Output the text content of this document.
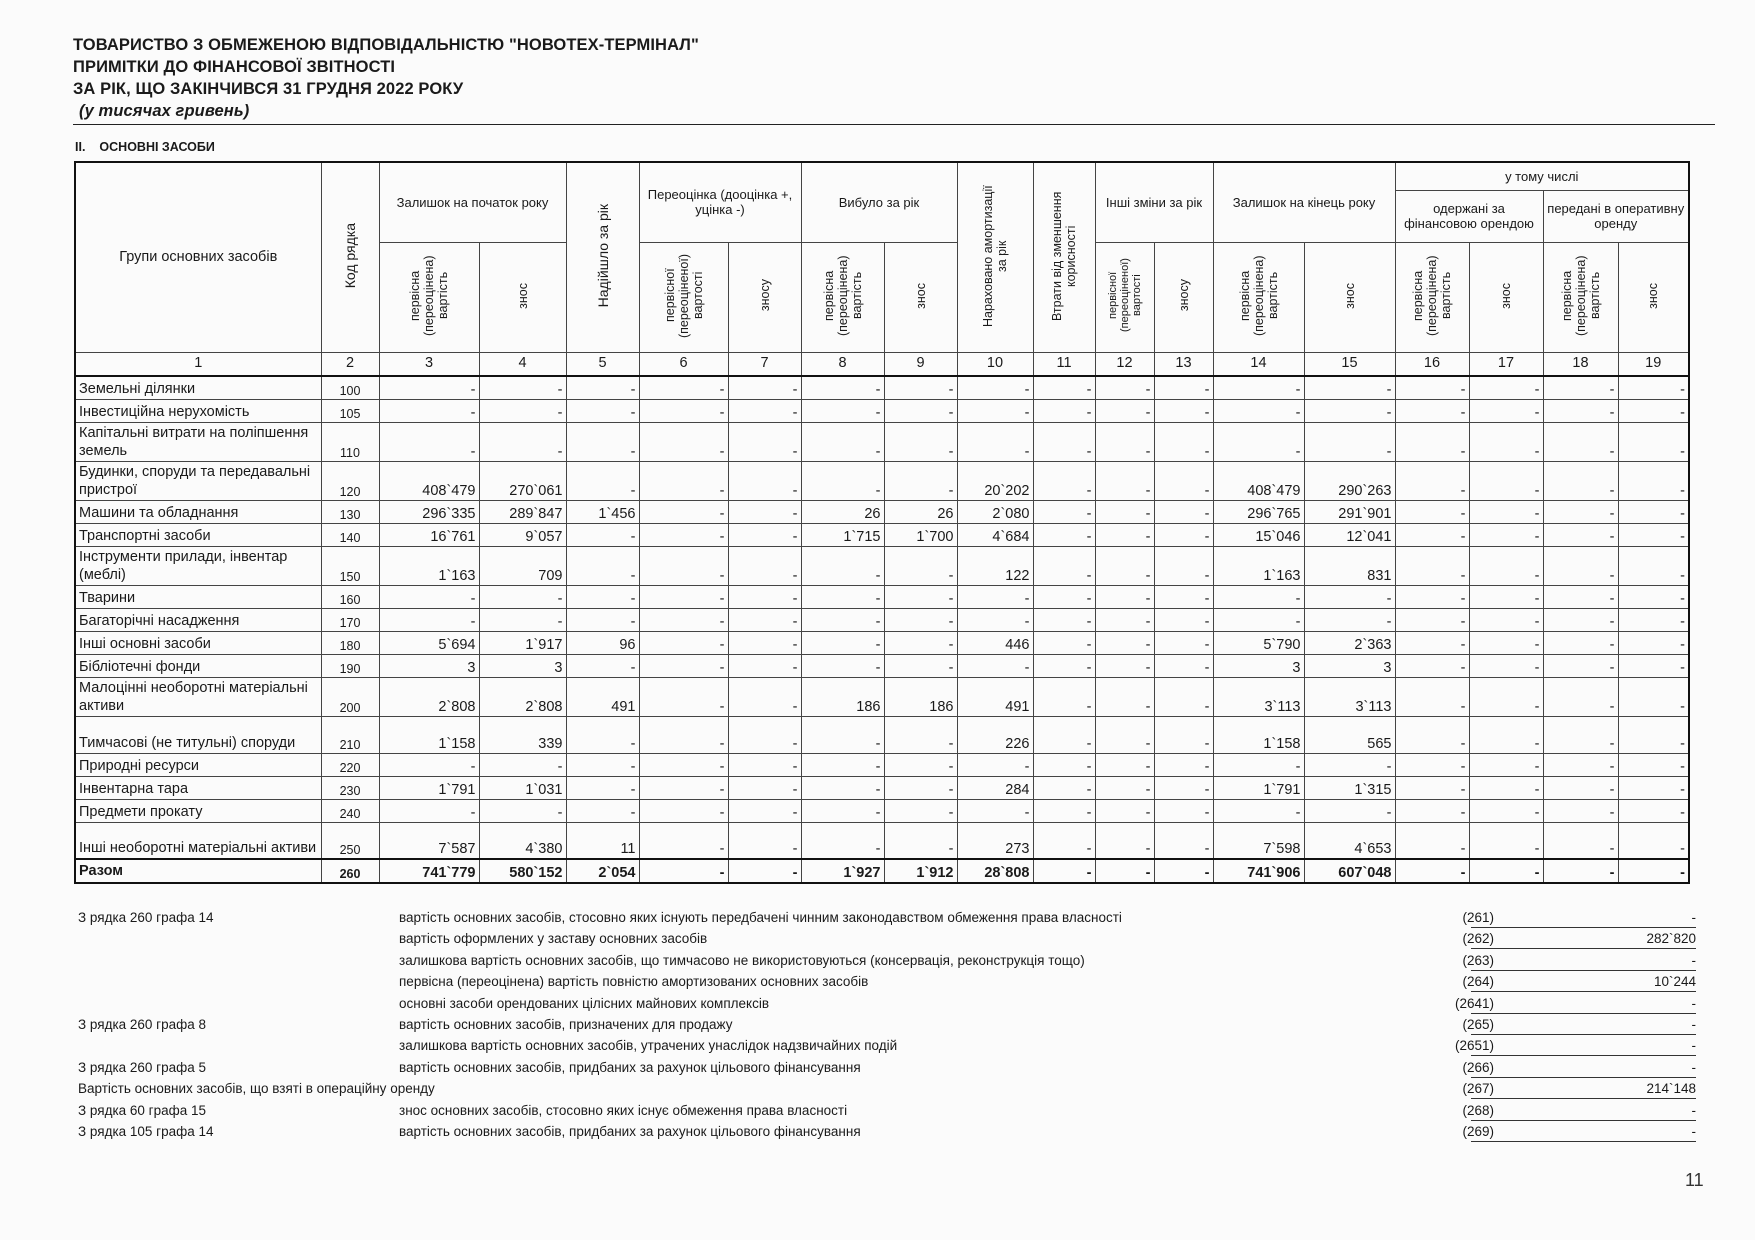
ТОВАРИСТВО З ОБМЕЖЕНОЮ ВІДПОВІДАЛЬНІСТЮ "НОВОТЕХ-ТЕРМІНАЛ"
ПРИМІТКИ ДО ФІНАНСОВОЇ ЗВІТНОСТІ
ЗА РІК, ЩО ЗАКІНЧИВСЯ 31 ГРУДНЯ 2022 РОКУ
(у тисячах гривень)
II. ОСНОВНІ ЗАСОБИ
Групи основних засобів	Код рядка	Залишок на початок року		Надійшло за рік	Переоцінка (дооцінка +, уцінка -)		Вибуло за рік		Нараховано амортизації за рік	Втрати від зменшення корисності	Інші зміни за рік		Залишок на кінець року		у тому числі			
															одержані за фінансовою орендою		передані в оперативну оренду	
		первісна (переоцінена) вартість	знос		первісної (переоціненої) вартості	зносу	первісна (переоцінена) вартість	знос			первісної (переоціненої) вартості	зносу	первісна (переоцінена) вартість	знос	первісна (переоцінена) вартість	знос	первісна (переоцінена) вартість	знос
1	2	3	4	5	6	7	8	9	10	11	12	13	14	15	16	17	18	19
Земельні ділянки	100	-	-	-	-	-	-	-	-	-	-	-	-	-	-	-	-	-
Інвестиційна нерухомість	105	-	-	-	-	-	-	-	-	-	-	-	-	-	-	-	-	-
Капітальні витрати на поліпшення земель	110	-	-	-	-	-	-	-	-	-	-	-	-	-	-	-	-	-
Будинки, споруди та передавальні пристрої	120	408`479	270`061	-	-	-	-	-	20`202	-	-	-	408`479	290`263	-	-	-	-
Машини та обладнання	130	296`335	289`847	1`456	-	-	26	26	2`080	-	-	-	296`765	291`901	-	-	-	-
Транспортні засоби	140	16`761	9`057	-	-	-	1`715	1`700	4`684	-	-	-	15`046	12`041	-	-	-	-
Інструменти прилади, інвентар (меблі)	150	1`163	709	-	-	-	-	-	122	-	-	-	1`163	831	-	-	-	-
Тварини	160	-	-	-	-	-	-	-	-	-	-	-	-	-	-	-	-	-
Багаторічні насадження	170	-	-	-	-	-	-	-	-	-	-	-	-	-	-	-	-	-
Інші основні засоби	180	5`694	1`917	96	-	-	-	-	446	-	-	-	5`790	2`363	-	-	-	-
Бібліотечні фонди	190	3	3	-	-	-	-	-	-	-	-	-	3	3	-	-	-	-
Малоцінні необоротні матеріальні активи	200	2`808	2`808	491	-	-	186	186	491	-	-	-	3`113	3`113	-	-	-	-
Тимчасові (не титульні) споруди	210	1`158	339	-	-	-	-	-	226	-	-	-	1`158	565	-	-	-	-
Природні ресурси	220	-	-	-	-	-	-	-	-	-	-	-	-	-	-	-	-	-
Інвентарна тара	230	1`791	1`031	-	-	-	-	-	284	-	-	-	1`791	1`315	-	-	-	-
Предмети прокату	240	-	-	-	-	-	-	-	-	-	-	-	-	-	-	-	-	-
Інші необоротні матеріальні активи	250	7`587	4`380	11	-	-	-	-	273	-	-	-	7`598	4`653	-	-	-	-
Разом	260	741`779	580`152	2`054	-	-	1`927	1`912	28`808	-	-	-	741`906	607`048	-	-	-	-
З рядка 260 графа 14	вартість основних засобів, стосовно яких існують передбачені чинним законодавством обмеження права власності	(261)	-
вартість оформлених у заставу основних засобів	(262)	282`820
залишкова вартість основних засобів, що тимчасово не використовуються (консервація, реконструкція тощо)	(263)	-
первісна (переоцінена) вартість повністю амортизованих основних засобів	(264)	10`244
основні засоби орендованих цілісних майнових комплексів	(2641)	-
З рядка 260 графа 8	вартість основних засобів, призначених для продажу	(265)	-
залишкова вартість основних засобів, утрачених унаслідок надзвичайних подій	(2651)	-
З рядка 260 графа 5	вартість основних засобів, придбаних за рахунок цільового фінансування	(266)	-
Вартість основних засобів, що взяті в операційну оренду	(267)	214`148
З рядка 60 графа 15	знос основних засобів, стосовно яких існує обмеження права власності	(268)	-
З рядка 105 графа 14	вартість основних засобів, придбаних за рахунок цільового фінансування	(269)	-
11
